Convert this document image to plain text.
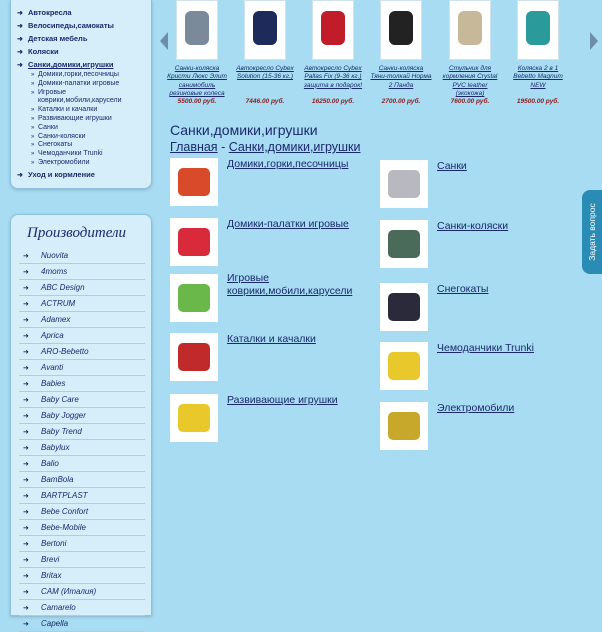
➜ Автокресла
➜ Велосипеды,самокаты
➜ Детская мебель
➜ Коляски
➜ Санки,домики,игрушки
» Домики,горки,песочницы
» Домики-палатки игровые
» Игровые
коврики,мобили,карусели
» Каталки и качалки
» Развивающие игрушки
» Санки
» Санки-коляски
» Снегокаты
» Чемоданчики Trunki
» Электромобили
➜ Уход и кормление
Производители
➜ Nuovita
➜ 4moms
➜ ABC Design
➜ ACTRUM
➜ Adamex
➜ Aprica
➜ ARO-Bebetto
➜ Avanti
➜ Babies
➜ Baby Care
➜ Baby Jogger
➜ Baby Trend
➜ Babylux
➜ Balio
➜ BamBola
➜ BARTPLAST
➜ Bebe Confort
➜ Bebe-Mobile
➜ Bertoni
➜ Brevi
➜ Britax
➜ CAM (Италия)
➜ Camarelo
➜ Capella
Санки-коляска
Кристи Люкс Элит
санимобиль
резиновые колеса
5500.00 руб.
Автокресло Cybex
Solution (15-36 кг.)
7446.00 руб.
Автокресло Cybex
Pallas Fix (9-36 кг.)
защита в подарок!
16250.00 руб.
Санки-коляска
Тяни-толкай Норма
2 Панда
2700.00 руб.
Стульчик для
кормления Crystal
PVC leather
(экокожа)
7600.00 руб.
Коляска 2 в 1
Bebetto Magnum
NEW
19500.00 руб.
Санки,домики,игрушки
Главная - Санки,домики,игрушки
Домики,горки,песочницы
Домики-палатки игровые
Игровые коврики,мобили,карусели
Каталки и качалки
Развивающие игрушки
Санки
Санки-коляски
Снегокаты
Чемоданчики Trunki
Электромобили
Задать вопрос
